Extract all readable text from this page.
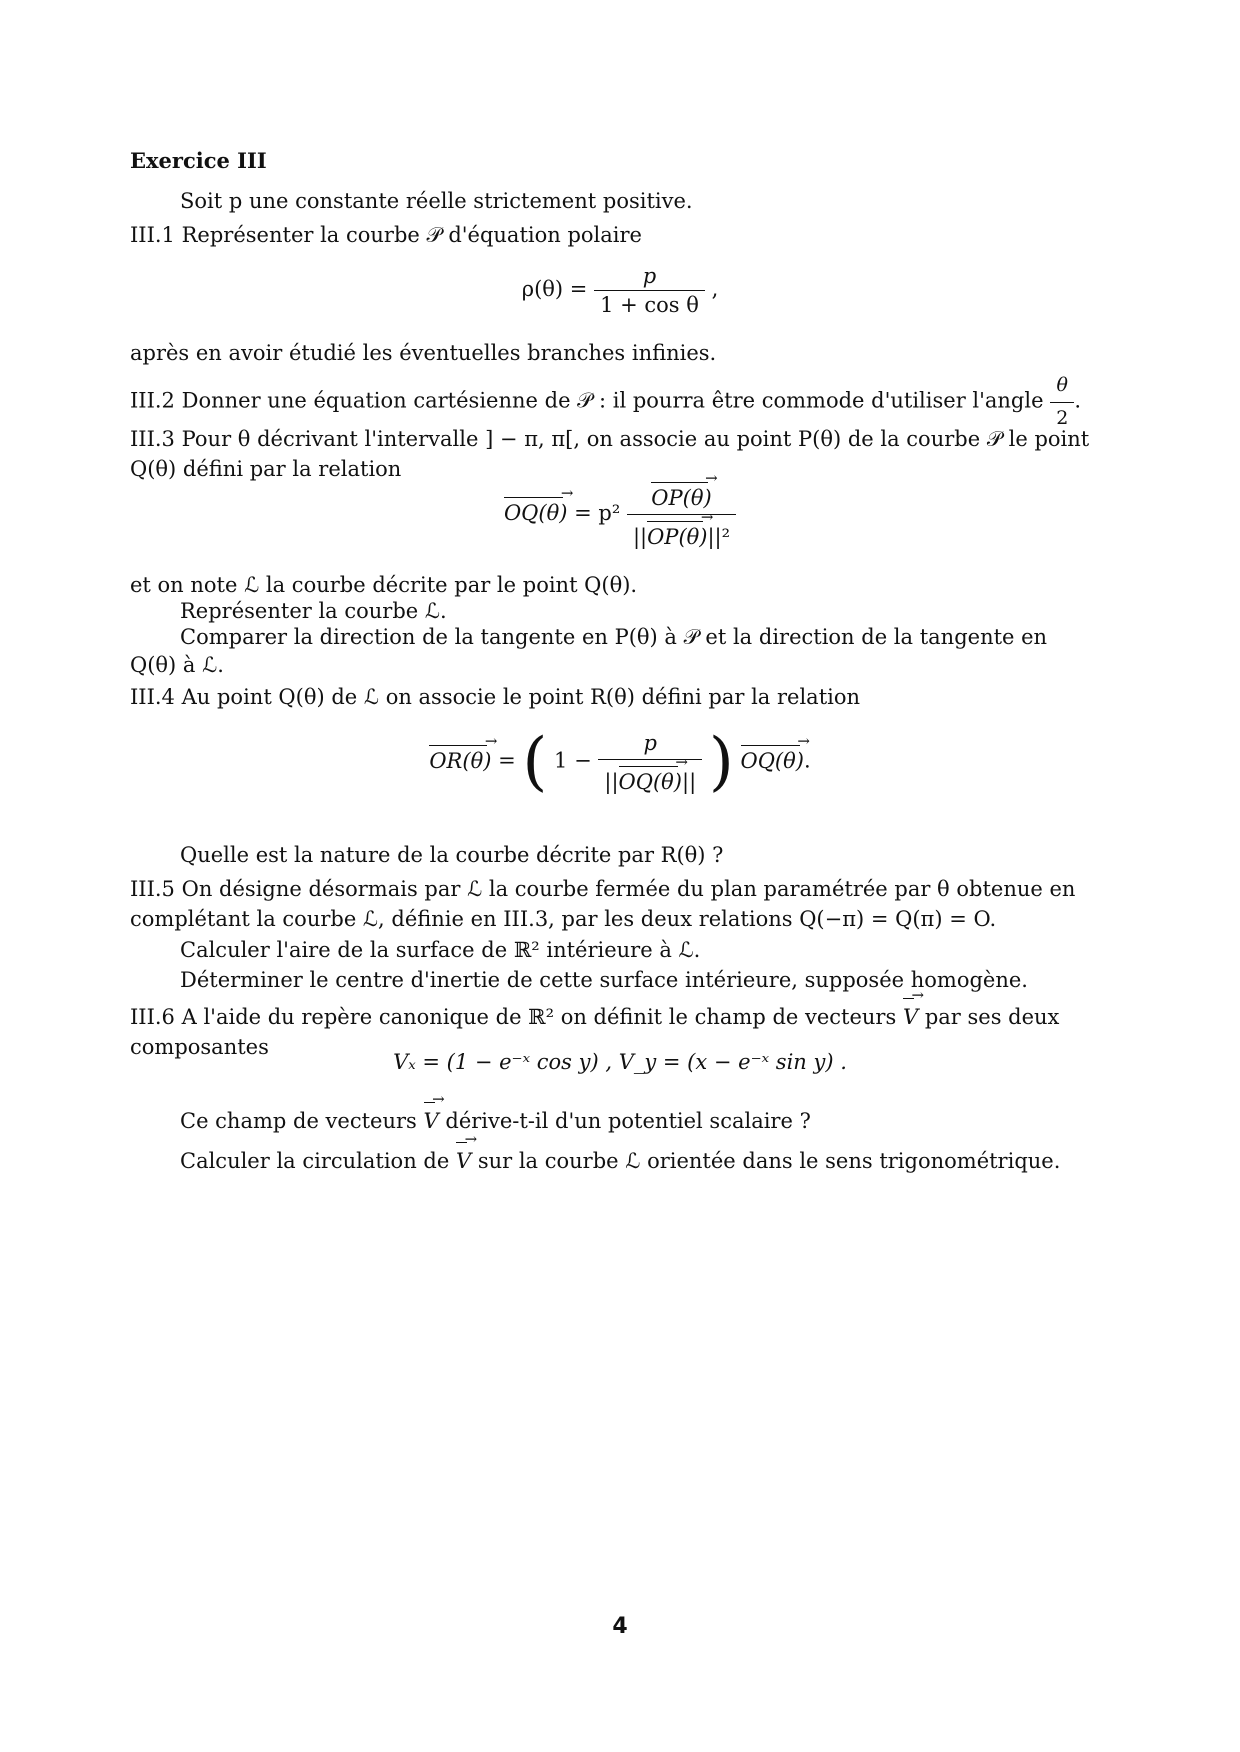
Exercice III
Soit p une constante réelle strictement positive.
III.1 Représenter la courbe 𝒫 d'équation polaire
$\rho(\theta) = \frac{p}{\text{1 + cos θ}}$ ,
après en avoir étudié les éventuelles branches infinies.
III.2 Donner une équation cartésienne de 𝒫 : il pourra être commode d'utiliser l'angle $\frac{\theta}{2}$ .
III.3 Pour θ décrivant l'intervalle ] − π, π[, on associe au point P(θ) de la courbe 𝒫 le point
Q(θ) défini par la relation
OQ(θ) → = $p^2 \frac{OP(\theta) \to}{\text{||OP(θ) →||²}}$
et on note ℒ la courbe décrite par le point Q(θ).
Représenter la courbe ℒ.
Comparer la direction de la tangente en P(θ) à 𝒫 et la direction de la tangente en
Q(θ) à ℒ.
III.4 Au point Q(θ) de ℒ on associe le point R(θ) défini par la relation
OR(θ) → = ( $1 - \frac{p}{||OQ(\theta) \to||}$ ) OQ(θ) →.
Quelle est la nature de la courbe décrite par R(θ) ?
III.5 On désigne désormais par ℒ la courbe fermée du plan paramétrée par θ obtenue en
complétant la courbe ℒ, définie en III.3, par les deux relations Q(−π) = Q(π) = O.
Calculer l'aire de la surface de ℝ² intérieure à ℒ.
Déterminer le centre d'inertie de cette surface intérieure, supposée homogène.
III.6 A l'aide du repère canonique de ℝ² on définit le champ de vecteurs V → par ses deux
composantes
Vₓ = (1 − e⁻ˣ cos y) , V_y = (x − e⁻ˣ sin y) .
Ce champ de vecteurs V → dérive-t-il d'un potentiel scalaire ?
Calculer la circulation de V → sur la courbe ℒ orientée dans le sens trigonométrique.
4
